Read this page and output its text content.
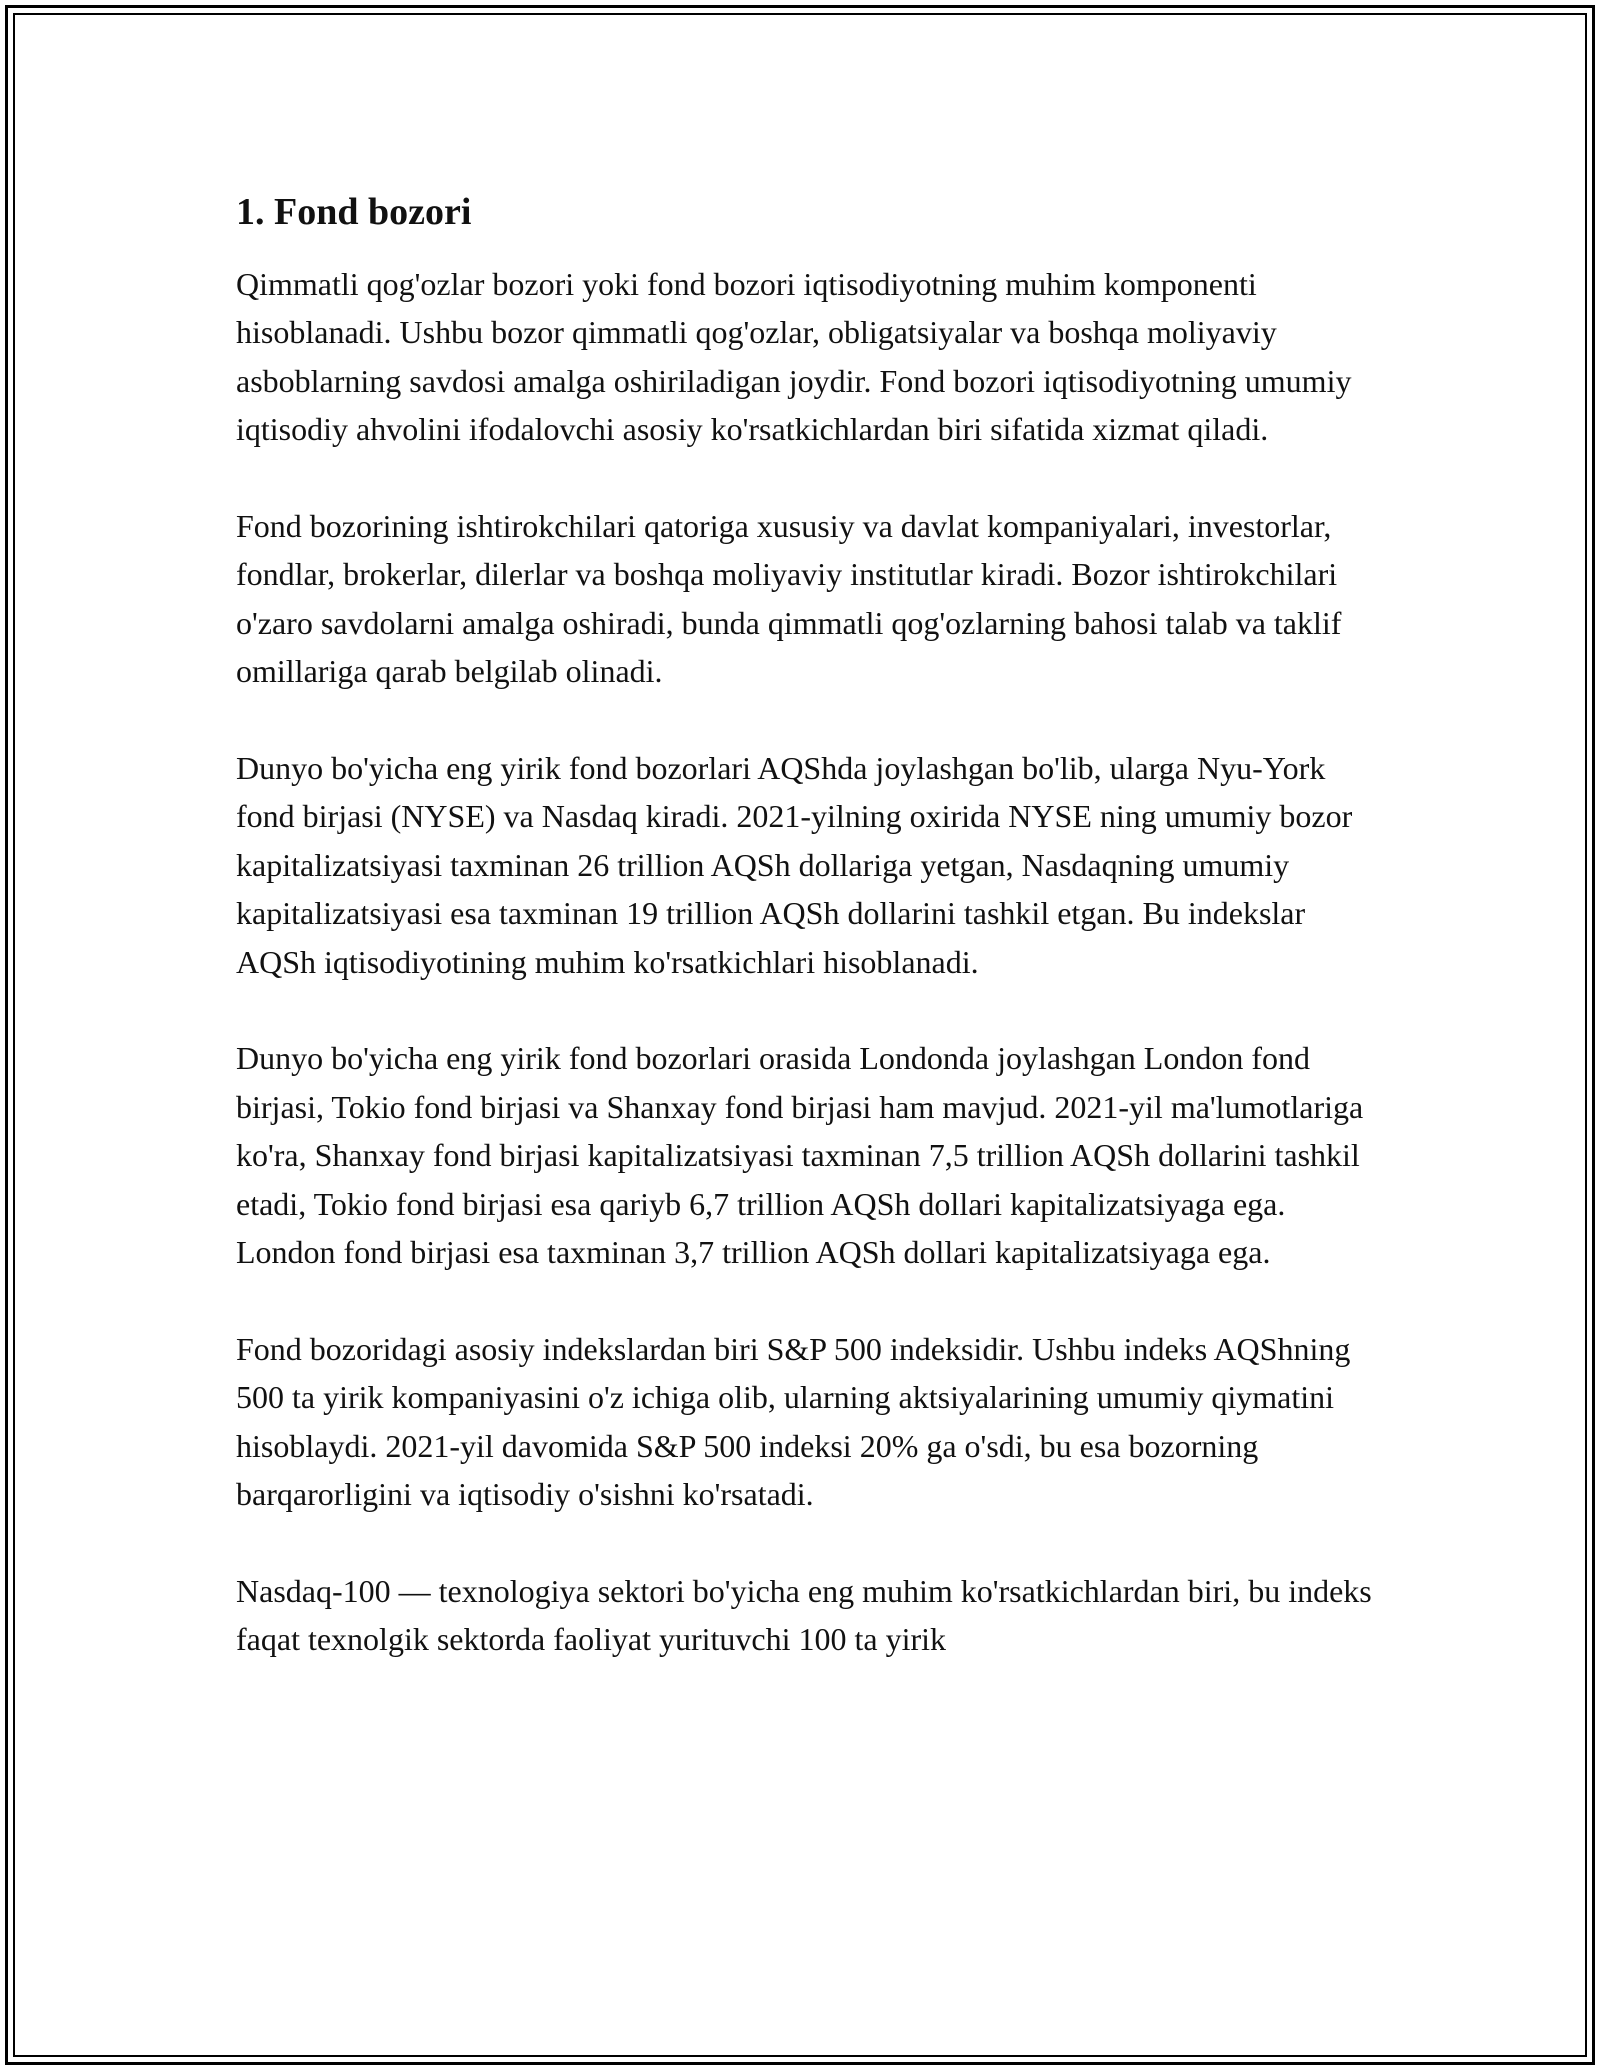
1. Fond bozori

Qimmatli qog'ozlar bozori yoki fond bozori iqtisodiyotning muhim komponenti hisoblanadi. Ushbu bozor qimmatli qog'ozlar, obligatsiyalar va boshqa moliyaviy asboblarning savdosi amalga oshiriladigan joydir. Fond bozori iqtisodiyotning umumiy iqtisodiy ahvolini ifodalovchi asosiy ko'rsatkichlardan biri sifatida xizmat qiladi.

Fond bozorining ishtirokchilari qatoriga xususiy va davlat kompaniyalari, investorlar, fondlar, brokerlar, dilerlar va boshqa moliyaviy institutlar kiradi. Bozor ishtirokchilari o'zaro savdolarni amalga oshiradi, bunda qimmatli qog'ozlarning bahosi talab va taklif omillariga qarab belgilab olinadi.

Dunyo bo'yicha eng yirik fond bozorlari AQShda joylashgan bo'lib, ularga Nyu-York fond birjasi (NYSE) va Nasdaq kiradi. 2021-yilning oxirida NYSE ning umumiy bozor kapitalizatsiyasi taxminan 26 trillion AQSh dollariga yetgan, Nasdaqning umumiy kapitalizatsiyasi esa taxminan 19 trillion AQSh dollarini tashkil etgan. Bu indekslar AQSh iqtisodiyotining muhim ko'rsatkichlari hisoblanadi.

Dunyo bo'yicha eng yirik fond bozorlari orasida Londonda joylashgan London fond birjasi, Tokio fond birjasi va Shanxay fond birjasi ham mavjud. 2021-yil ma'lumotlariga ko'ra, Shanxay fond birjasi kapitalizatsiyasi taxminan 7,5 trillion AQSh dollarini tashkil etadi, Tokio fond birjasi esa qariyb 6,7 trillion AQSh dollari kapitalizatsiyaga ega. London fond birjasi esa taxminan 3,7 trillion AQSh dollari kapitalizatsiyaga ega.

Fond bozoridagi asosiy indekslardan biri S&P 500 indeksidir. Ushbu indeks AQShning 500 ta yirik kompaniyasini o'z ichiga olib, ularning aktsiyalarining umumiy qiymatini hisoblaydi. 2021-yil davomida S&P 500 indeksi 20% ga o'sdi, bu esa bozorning barqarorligini va iqtisodiy o'sishni ko'rsatadi.

Nasdaq-100 — texnologiya sektori bo'yicha eng muhim ko'rsatkichlardan biri, bu indeks faqat texnolgik sektorda faoliyat yurituvchi 100 ta yirik
